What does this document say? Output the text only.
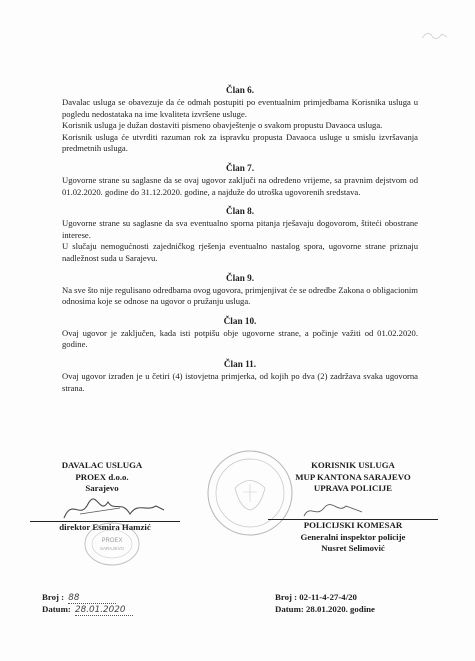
Član 6.

Davalac usluga se obavezuje da će odmah postupiti po eventualnim primjedbama Korisnika usluga u pogledu nedostataka na ime kvaliteta izvršene usluge.

Korisnik usluga je dužan dostaviti pismeno obavještenje o svakom propustu Davaoca usluga.

Korisnik usluga će utvrditi razuman rok za ispravku propusta Davaoca usluge u smislu izvršavanja predmetnih usluga.

Član 7.

Ugovorne strane su saglasne da se ovaj ugovor zaključi na određeno vrijeme, sa pravnim dejstvom od 01.02.2020. godine do 31.12.2020. godine, a najduže do utroška ugovorenih sredstava.

Član 8.

Ugovorne strane su saglasne da sva eventualno sporna pitanja rješavaju dogovorom, štiteći obostrane interese.

U slučaju nemogućnosti zajedničkog rješenja eventualno nastalog spora, ugovorne strane priznaju nadležnost suda u Sarajevu.

Član 9.

Na sve što nije regulisano odredbama ovog ugovora, primjenjivat će se odredbe Zakona o obligacionim odnosima koje se odnose na ugovor o pružanju usluga.

Član 10.

Ovaj ugovor je zaključen, kada isti potpišu obje ugovorne strane, a počinje važiti od 01.02.2020. godine.

Član 11.

Ovaj ugovor izrađen je u četiri (4) istovjetna primjerka, od kojih po dva (2) zadržava svaka ugovorna strana.

PROEX
SARAJEVO
DAVALAC USLUGA
PROEX d.o.o.
Sarajevo
direktor Esmira Hamzić
KORISNIK USLUGA
MUP KANTONA SARAJEVO
UPRAVA POLICIJE
POLICIJSKI KOMESAR
Generalni inspektor policije
Nusret Selimović
Broj : 88
Datum: 28.01.2020
Broj : 02-11-4-27-4/20
Datum: 28.01.2020. godine
